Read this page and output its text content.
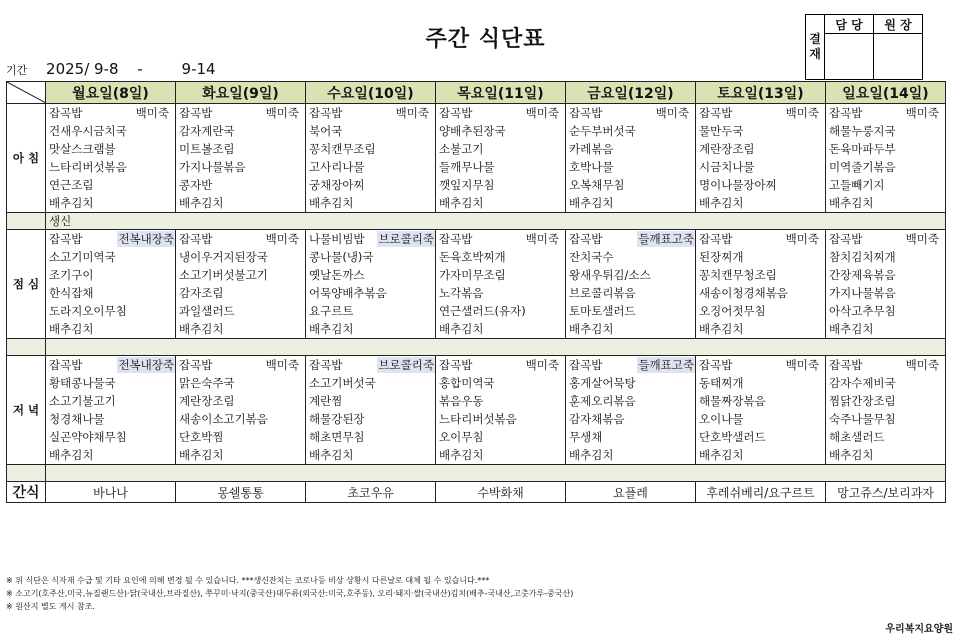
주간 식단표
기간 2025/ 9-8 -	9-14
결 재	담 당	원 장

	월요일(8일)	화요일(9일)	수요일(10일)	목요일(11일)	금요일(12일)	토요일(13일)	일요일(14일)
아 침	잡곡밥 백미죽	잡곡밥 백미죽	잡곡밥 백미죽	잡곡밥 백미죽	잡곡밥 백미죽	잡곡밥 백미죽	잡곡밥 백미죽

	건새우시금치국	감자계란국	북어국	양배추된장국	순두부버섯국	물만두국	해물누룽지국
	맛살스크램블	미트볼조림	꽁치캔무조림	소불고기	카레볶음	계란장조림	돈육마파두부
	느타리버섯볶음	가지나물볶음	고사리나물	들깨무나물	호박나물	시금치나물	미역줄기볶음
	연근조림	콩자반	궁채장아찌	깻잎지무침	오복채무침	명이나물장아찌	고들빼기지
	배추김치	배추김치	배추김치	배추김치	배추김치	배추김치	배추김치
	생신						
점 심	잡곡밥 전복내장죽	잡곡밥 백미죽	나물비빔밥 브로콜리죽	잡곡밥 백미죽	잡곡밥 들깨표고죽	잡곡밥 백미죽	잡곡밥 백미죽

	소고기미역국	냉이우거지된장국	콩나물(냉)국	돈육호박찌개	잔치국수	된장찌개	참치김치찌개
	조기구이	소고기버섯불고기	옛날돈까스	가자미무조림	왕새우튀김/소스	꽁치캔무청조림	간장제육볶음
	한식잡채	감자조림	어묵양배추볶음	노각볶음	브로콜리볶음	새송이청경채볶음	가지나물볶음
	도라지오이무침	과일샐러드	요구르트	연근샐러드(유자)	토마토샐러드	오징어젓무침	아삭고추무침
	배추김치	배추김치	배추김치	배추김치	배추김치	배추김치	배추김치

저 녁	잡곡밥 전복내장죽	잡곡밥 백미죽	잡곡밥 브로콜리죽	잡곡밥 백미죽	잡곡밥 들깨표고죽	잡곡밥 백미죽	잡곡밥 백미죽

	황태콩나물국	맑은숙주국	소고기버섯국	홍합미역국	홍게살어묵탕	동태찌개	감자수제비국
	소고기불고기	계란장조림	계란찜	볶음우동	훈제오리볶음	해물짜장볶음	찜닭간장조림
	청경채나물	새송이소고기볶음	해물강된장	느타리버섯볶음	감자채볶음	오이나물	숙주나물무침
	실곤약야채무침	단호박찜	해초면무침	오이무침	무생채	단호박샐러드	해초샐러드
	배추김치	배추김치	배추김치	배추김치	배추김치	배추김치	배추김치

간식	바나나	몽쉘통통	초코우유	수박화채	요플레	후레쉬베리/요구르트	망고쥬스/보리과자
※ 위 식단은 식자재 수급 및 기타 요인에 의해 변경 될 수 있습니다. ***생신잔치는 코로나등 비상 상황시 다른날로 대체 될 수 있습니다.***
※ 소고기(호주산,미국,뉴질랜드산)·닭(국내산,브라질산), 쭈꾸미·낙지(중국산)대두류(외국산:미국,호주등), 오리·돼지·쌀(국내산)김치(배추-국내산,고춧가루-중국산)
※ 원산지 별도 게시 참조.
우리복지요양원
